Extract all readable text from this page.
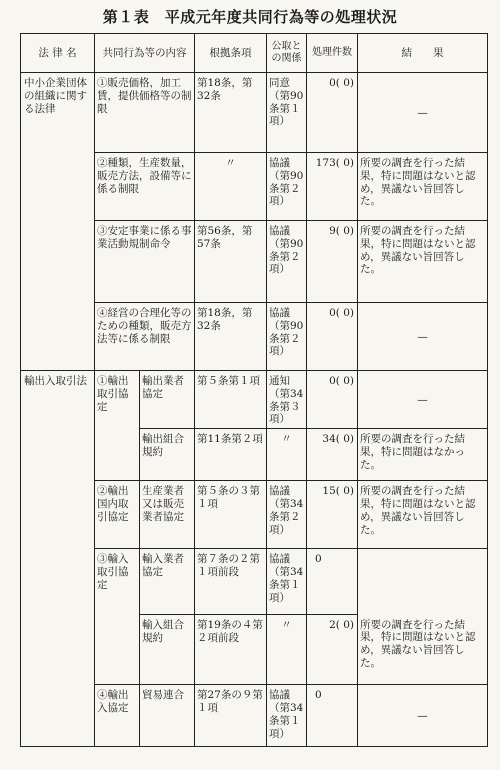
第１表　平成元年度共同行為等の処理状況
法 律 名	共同行為等の内容		根拠条項	公取との関係	処理件数	結　　果
中小企業団体の組織に関する法律	①販売価格，加工賃，提供価格等の制限		第18条，第32条	同意（第90条第１項）	0( 0)	—
	②種類，生産数量，販売方法，設備等に係る制限		〃	協議（第90条第２項）	173( 0)	所要の調査を行った結果，特に問題はないと認め，異議ない旨回答した。
	③安定事業に係る事業活動規制命令		第56条，第57条	協議（第90条第２項）	9( 0)	所要の調査を行った結果，特に問題はないと認め，異議ない旨回答した。
	④経営の合理化等のための種類，販売方法等に係る制限		第18条，第32条	協議（第90条第２項）	0( 0)	—
輸出入取引法	①輸出取引協定	輸出業者協定	第５条第１項	通知（第34条第３項）	0( 0)	—
		輸出組合規約	第11条第２項	〃	34( 0)	所要の調査を行った結果，特に問題はなかった。
	②輸出国内取引協定	生産業者又は販売業者協定	第５条の３第１項	協議（第34条第２項）	15( 0)	所要の調査を行った結果，特に問題はないと認め，異議ない旨回答した。
	③輸入取引協定	輸入業者協定	第７条の２第１項前段	協議（第34条第１項）	0	
		輸入組合規約	第19条の４第２項前段	〃	2( 0)	所要の調査を行った結果，特に問題はないと認め，異議ない旨回答した。
	④輸出入協定	貿易連合	第27条の９第１項	協議（第34条第１項）	0	—
